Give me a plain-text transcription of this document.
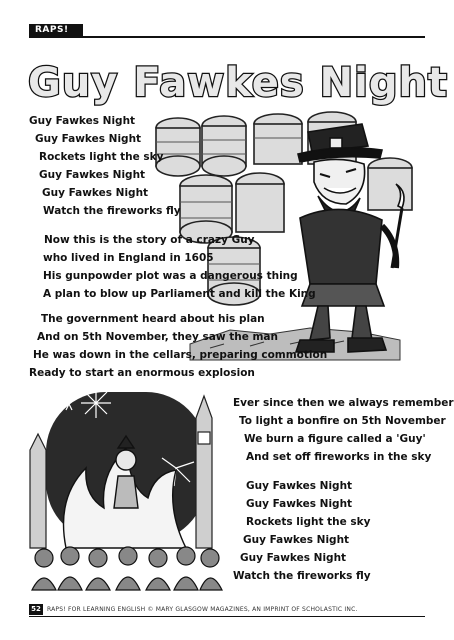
RAPS!
Guy Fawkes Night
Guy Fawkes Night
Guy Fawkes Night
Rockets light the sky
Guy Fawkes Night
Guy Fawkes Night
Watch the fireworks fly
Now this is the story of a crazy Guy
who lived in England in 1605
His gunpowder plot was a dangerous thing
A plan to blow up Parliament and kill the King
The government heard about his plan
And on 5th November, they saw the man
He was down in the cellars, preparing commotion
Ready to start an enormous explosion
Ever since then we always remember
To light a bonfire on 5th November
We burn a figure called a 'Guy'
And set off fireworks in the sky
Guy Fawkes Night
Guy Fawkes Night
Rockets light the sky
Guy Fawkes Night
Guy Fawkes Night
Watch the fireworks fly
52	RAPS! FOR LEARNING ENGLISH © MARY GLASGOW MAGAZINES, AN IMPRINT OF SCHOLASTIC INC.
